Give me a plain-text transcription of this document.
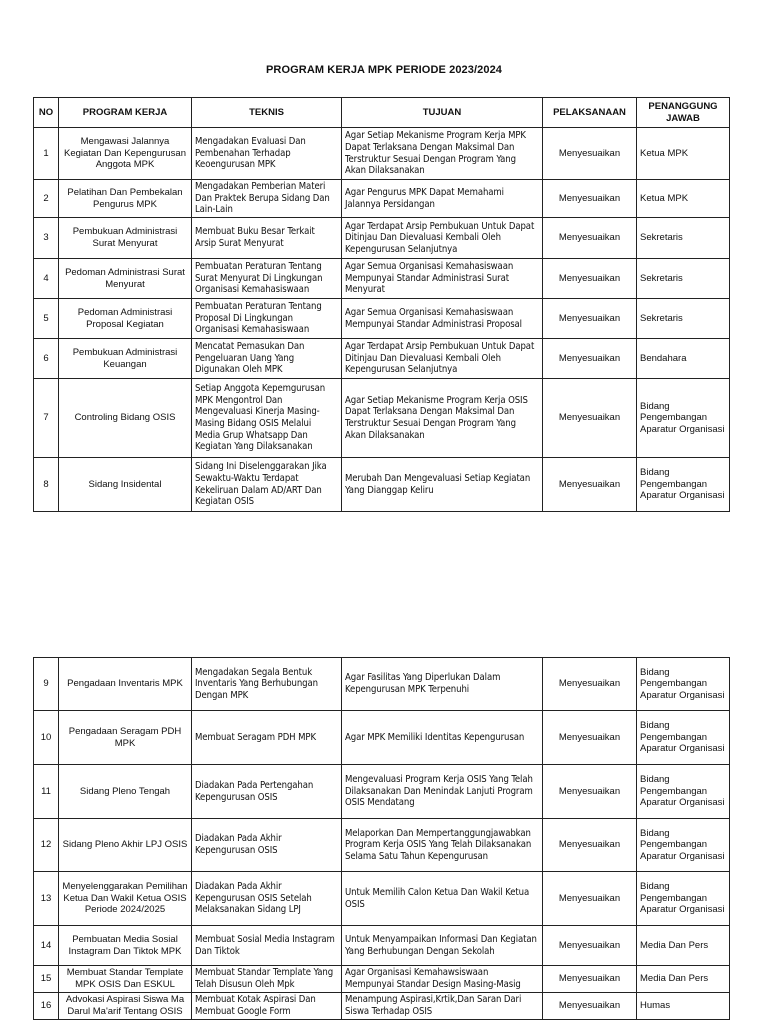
PROGRAM KERJA MPK PERIODE 2023/2024
NO	PROGRAM KERJA	TEKNIS	TUJUAN	PELAKSANAAN	PENANGGUNG JAWAB
1	Mengawasi Jalannya Kegiatan Dan Kepengurusan Anggota MPK	Mengadakan Evaluasi Dan Pembenahan Terhadap Keoengurusan MPK	Agar Setiap Mekanisme Program Kerja MPK Dapat Terlaksana Dengan Maksimal Dan Terstruktur Sesuai Dengan Program Yang Akan Dilaksanakan	Menyesuaikan	Ketua MPK
2	Pelatihan Dan Pembekalan Pengurus MPK	Mengadakan Pemberian Materi Dan Praktek Berupa Sidang Dan Lain-Lain	Agar Pengurus MPK Dapat Memahami Jalannya Persidangan	Menyesuaikan	Ketua MPK
3	Pembukuan Administrasi Surat Menyurat	Membuat Buku Besar Terkait Arsip Surat Menyurat	Agar Terdapat Arsip Pembukuan Untuk Dapat Ditinjau Dan Dievaluasi Kembali Oleh Kepengurusan Selanjutnya	Menyesuaikan	Sekretaris
4	Pedoman Administrasi Surat Menyurat	Pembuatan Peraturan Tentang Surat Menyurat Di Lingkungan Organisasi Kemahasiswaan	Agar Semua Organisasi Kemahasiswaan Mempunyai Standar Administrasi Surat Menyurat	Menyesuaikan	Sekretaris
5	Pedoman Administrasi Proposal Kegiatan	Pembuatan Peraturan Tentang Proposal Di Lingkungan Organisasi Kemahasiswaan	Agar Semua Organisasi Kemahasiswaan Mempunyai Standar Administrasi Proposal	Menyesuaikan	Sekretaris
6	Pembukuan Administrasi Keuangan	Mencatat Pemasukan Dan Pengeluaran Uang Yang Digunakan Oleh MPK	Agar Terdapat Arsip Pembukuan Untuk Dapat Ditinjau Dan Dievaluasi Kembali Oleh Kepengurusan Selanjutnya	Menyesuaikan	Bendahara
7	Controling Bidang OSIS	Setiap Anggota Kepemgurusan MPK Mengontrol Dan Mengevaluasi Kinerja Masing-Masing Bidang OSIS Melalui Media Grup Whatsapp Dan Kegiatan Yang Dilaksanakan	Agar Setiap Mekanisme Program Kerja OSIS Dapat Terlaksana Dengan Maksimal Dan Terstruktur Sesuai Dengan Program Yang Akan Dilaksanakan	Menyesuaikan	Bidang Pengembangan Aparatur Organisasi
8	Sidang Insidental	Sidang Ini Diselenggarakan Jika Sewaktu-Waktu Terdapat Kekeliruan Dalam AD/ART Dan Kegiatan OSIS	Merubah Dan Mengevaluasi Setiap Kegiatan Yang Dianggap Keliru	Menyesuaikan	Bidang Pengembangan Aparatur Organisasi
9	Pengadaan Inventaris MPK	Mengadakan Segala Bentuk Inventaris Yang Berhubungan Dengan MPK	Agar Fasilitas Yang Diperlukan Dalam Kepengurusan MPK Terpenuhi	Menyesuaikan	Bidang Pengembangan Aparatur Organisasi
10	Pengadaan Seragam PDH MPK	Membuat Seragam PDH MPK	Agar MPK Memiliki Identitas Kepengurusan	Menyesuaikan	Bidang Pengembangan Aparatur Organisasi
11	Sidang Pleno Tengah	Diadakan Pada Pertengahan Kepengurusan OSIS	Mengevaluasi Program Kerja OSIS Yang Telah Dilaksanakan Dan Menindak Lanjuti Program OSIS Mendatang	Menyesuaikan	Bidang Pengembangan Aparatur Organisasi
12	Sidang Pleno Akhir LPJ OSIS	Diadakan Pada Akhir Kepengurusan OSIS	Melaporkan Dan Mempertanggungjawabkan Program Kerja OSIS Yang Telah Dilaksanakan Selama Satu Tahun Kepengurusan	Menyesuaikan	Bidang Pengembangan Aparatur Organisasi
13	Menyelenggarakan Pemilihan Ketua Dan Wakil Ketua OSIS Periode 2024/2025	Diadakan Pada Akhir Kepengurusan OSIS Setelah Melaksanakan Sidang LPJ	Untuk Memilih Calon Ketua Dan Wakil Ketua OSIS	Menyesuaikan	Bidang Pengembangan Aparatur Organisasi
14	Pembuatan Media Sosial Instagram Dan Tiktok MPK	Membuat Sosial Media Instagram Dan Tiktok	Untuk Menyampaikan Informasi Dan Kegiatan Yang Berhubungan Dengan Sekolah	Menyesuaikan	Media Dan Pers
15	Membuat Standar Template MPK OSIS Dan ESKUL	Membuat Standar Template Yang Telah Disusun Oleh Mpk	Agar Organisasi Kemahawsiswaan Mempunyai Standar Design Masing-Masig	Menyesuaikan	Media Dan Pers
16	Advokasi Aspirasi Siswa Ma Darul Ma'arif Tentang OSIS	Membuat Kotak Aspirasi Dan Membuat Google Form	Menampung Aspirasi,Krtik,Dan Saran Dari Siswa Terhadap OSIS	Menyesuaikan	Humas
